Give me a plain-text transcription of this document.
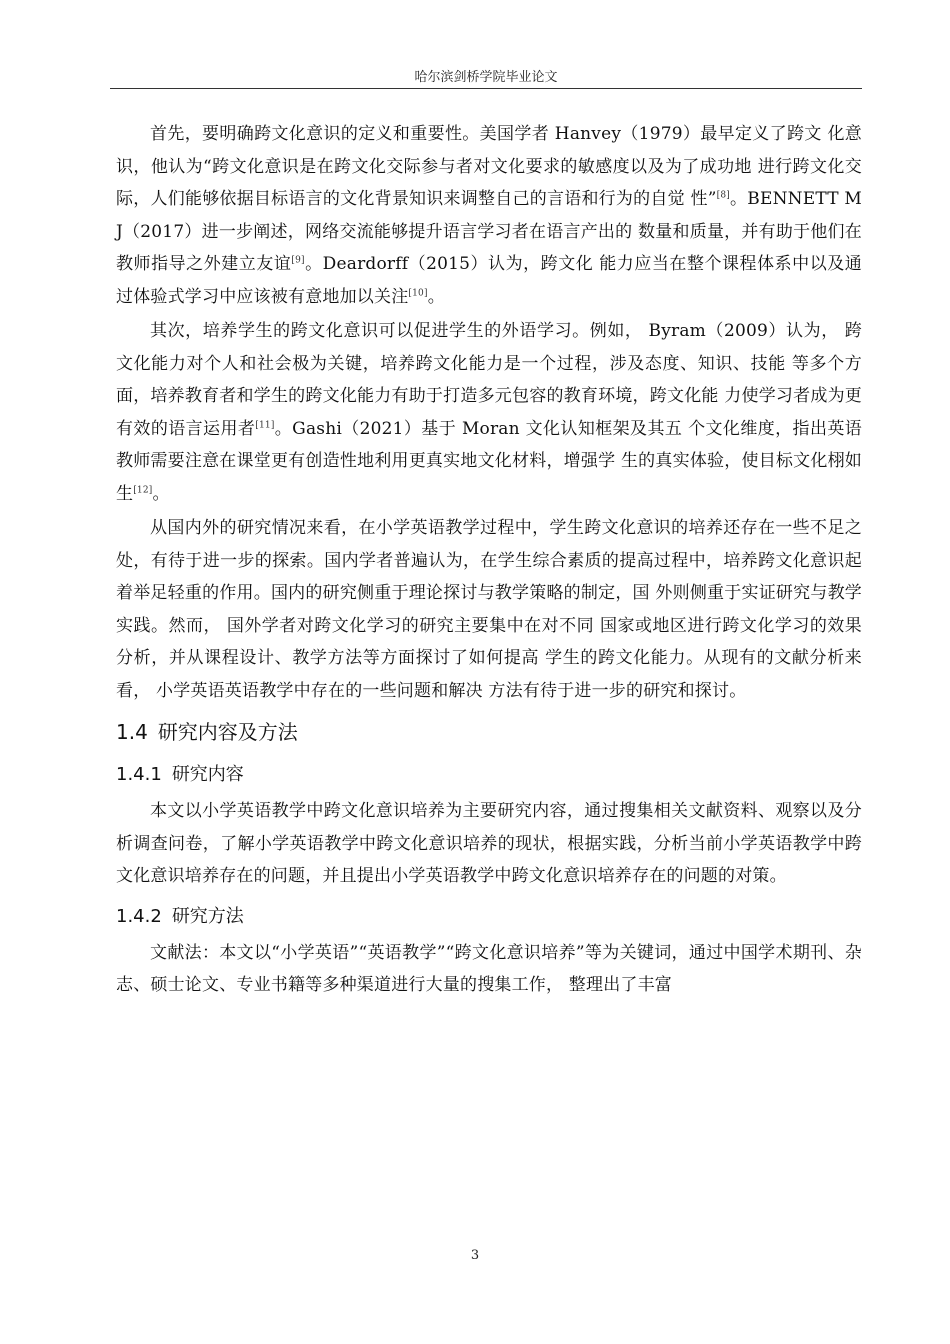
哈尔滨剑桥学院毕业论文

首先，要明确跨文化意识的定义和重要性。美国学者 Hanvey（1979）最早定义了跨文 化意识，他认为“跨文化意识是在跨文化交际参与者对文化要求的敏感度以及为了成功地 进行跨文化交际，人们能够依据目标语言的文化背景知识来调整自己的言语和行为的自觉 性”[8]。BENNETT M J（2017）进一步阐述，网络交流能够提升语言学习者在语言产出的 数量和质量，并有助于他们在教师指导之外建立友谊[9]。Deardorff（2015）认为，跨文化 能力应当在整个课程体系中以及通过体验式学习中应该被有意地加以关注[10]。

其次，培养学生的跨文化意识可以促进学生的外语学习。例如， Byram（2009）认为， 跨文化能力对个人和社会极为关键，培养跨文化能力是一个过程，涉及态度、知识、技能 等多个方面，培养教育者和学生的跨文化能力有助于打造多元包容的教育环境，跨文化能 力使学习者成为更有效的语言运用者[11]。Gashi（2021）基于 Moran 文化认知框架及其五 个文化维度，指出英语教师需要注意在课堂更有创造性地利用更真实地文化材料，增强学 生的真实体验，使目标文化栩如生[12]。

从国内外的研究情况来看，在小学英语教学过程中，学生跨文化意识的培养还存在一些不足之处，有待于进一步的探索。国内学者普遍认为，在学生综合素质的提高过程中，培养跨文化意识起着举足轻重的作用。国内的研究侧重于理论探讨与教学策略的制定，国 外则侧重于实证研究与教学实践。然而， 国外学者对跨文化学习的研究主要集中在对不同 国家或地区进行跨文化学习的效果分析，并从课程设计、教学方法等方面探讨了如何提高 学生的跨文化能力。从现有的文献分析来看， 小学英语英语教学中存在的一些问题和解决 方法有待于进一步的研究和探讨。

1.4 研究内容及方法
1.4.1 研究内容

本文以小学英语教学中跨文化意识培养为主要研究内容，通过搜集相关文献资料、观察以及分析调查问卷，了解小学英语教学中跨文化意识培养的现状，根据实践，分析当前小学英语教学中跨文化意识培养存在的问题，并且提出小学英语教学中跨文化意识培养存在的问题的对策。

1.4.2 研究方法

文献法：本文以“小学英语”“英语教学”“跨文化意识培养”等为关键词，通过中国学术期刊、杂志、硕士论文、专业书籍等多种渠道进行大量的搜集工作， 整理出了丰富

3
